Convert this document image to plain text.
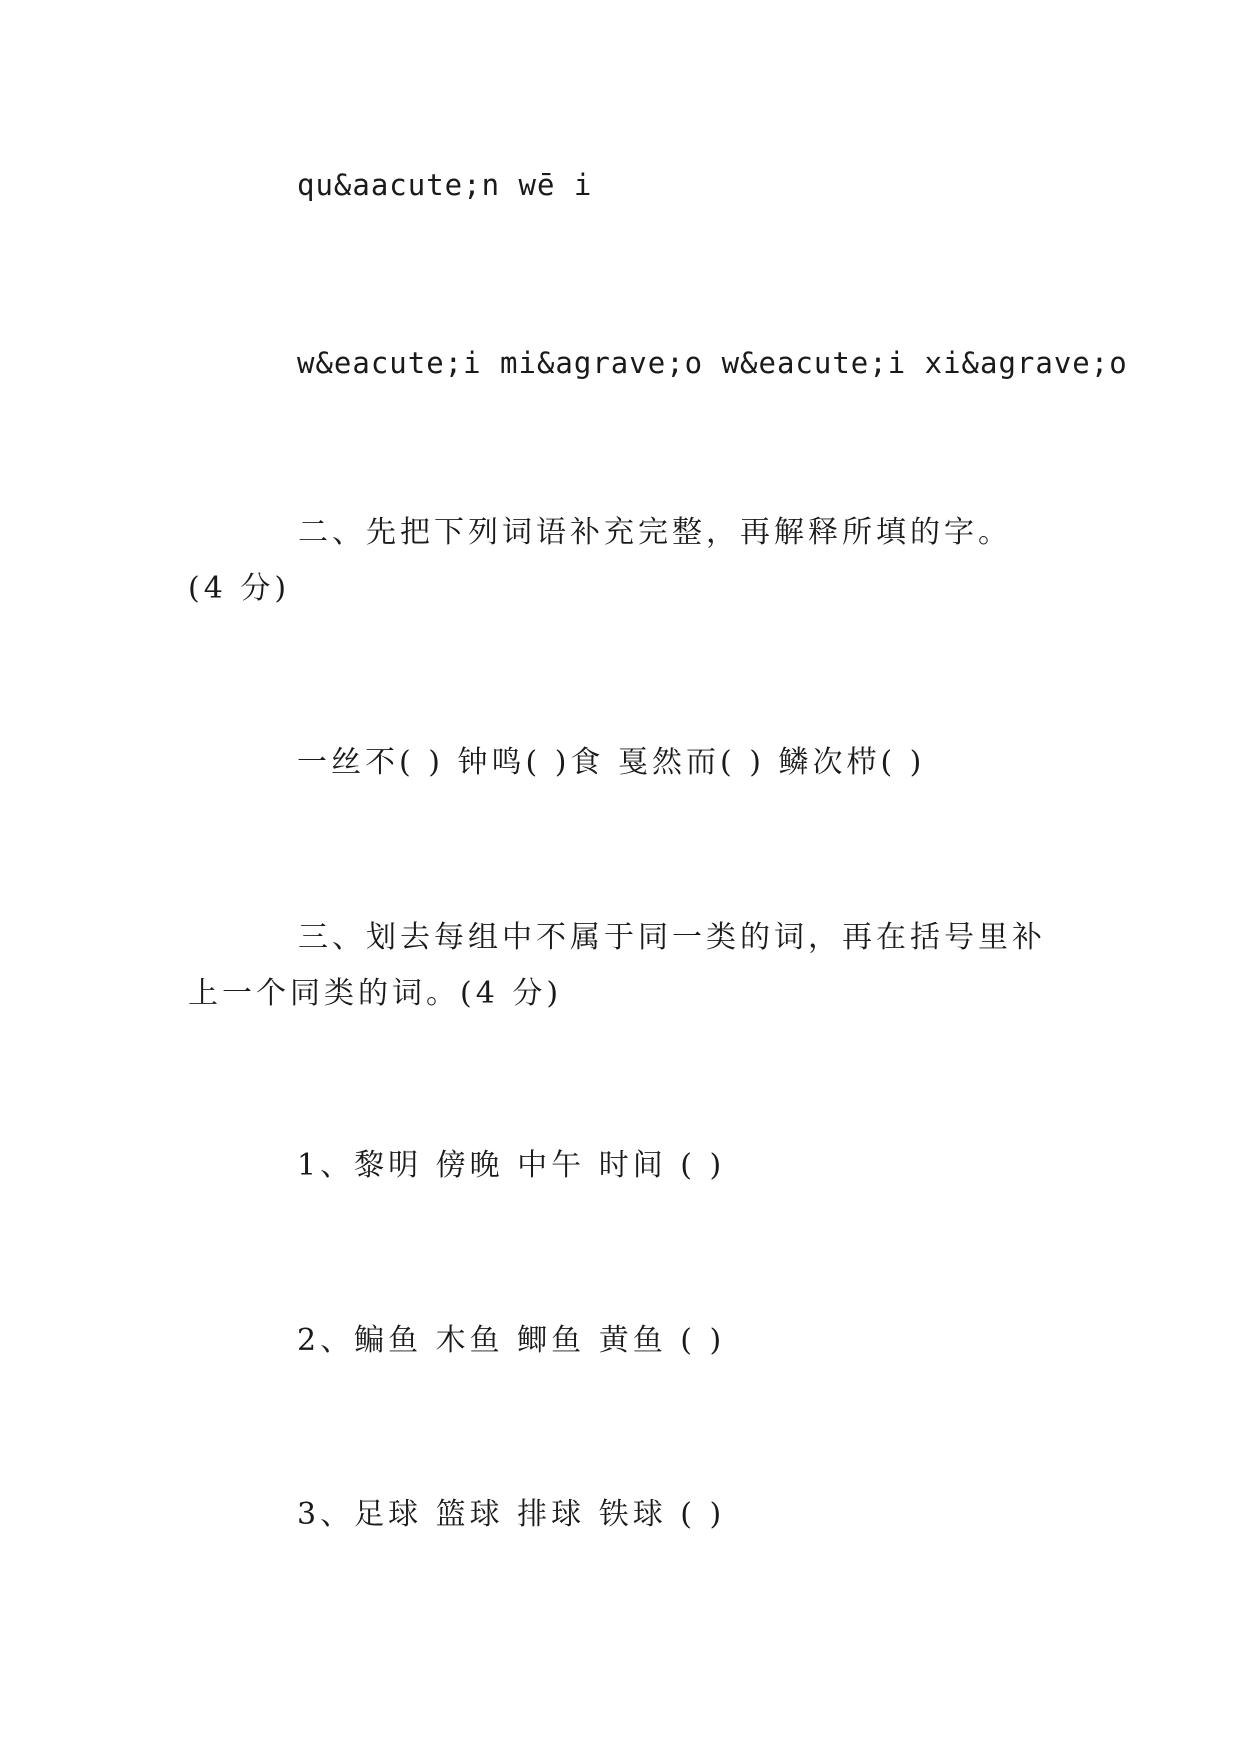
qu&aacute;n wē i
w&eacute;i mi&agrave;o w&eacute;i xi&agrave;o
二、先把下列词语补充完整，再解释所填的字。(4 分)
一丝不( ) 钟鸣( )食 戛然而( ) 鳞次栉( )
三、划去每组中不属于同一类的词，再在括号里补上一个同类的词。(4 分)
1、黎明 傍晚 中午 时间 ( )
2、鳊鱼 木鱼 鲫鱼 黄鱼 ( )
3、足球 篮球 排球 铁球 ( )
